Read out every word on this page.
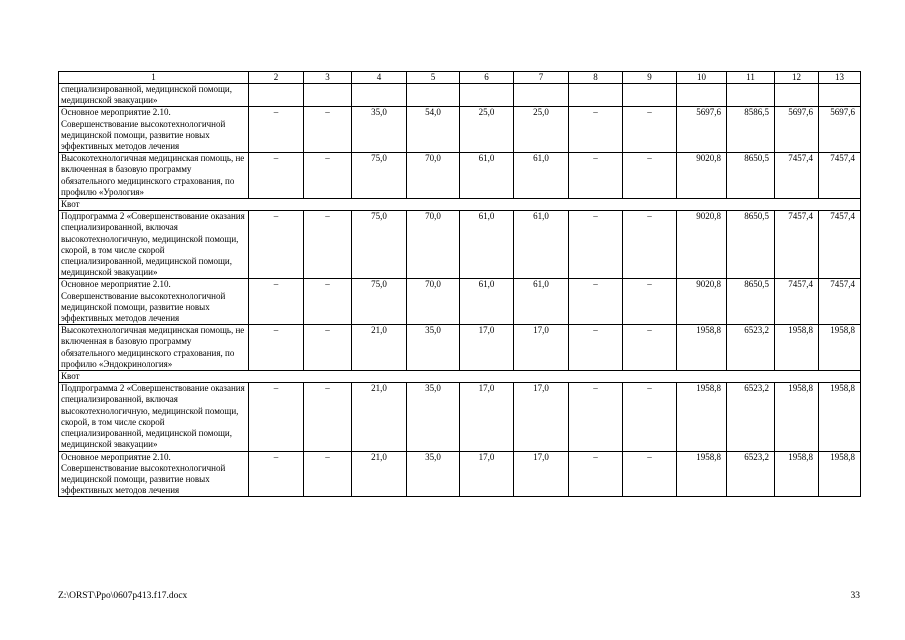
1	2	3	4	5	6	7	8	9	10	11	12	13
специализированной, медицинской помощи, медицинской эвакуации»												
Основное мероприятие 2.10. Совершенствование высокотехнологичной медицинской помощи, развитие новых эффективных методов лечения	–	–	35,0	54,0	25,0	25,0	–	–	5697,6	8586,5	5697,6	5697,6
Высокотехнологичная медицинская помощь, не включенная в базовую программу обязательного медицинского страхования, по профилю «Урология»	–	–	75,0	70,0	61,0	61,0	–	–	9020,8	8650,5	7457,4	7457,4
Квот												
Подпрограмма 2 «Совершенствование оказания специализированной, включая высокотехнологичную, медицинской помощи, скорой, в том числе скорой специализированной, медицинской помощи, медицинской эвакуации»	–	–	75,0	70,0	61,0	61,0	–	–	9020,8	8650,5	7457,4	7457,4
Основное мероприятие 2.10. Совершенствование высокотехнологичной медицинской помощи, развитие новых эффективных методов лечения	–	–	75,0	70,0	61,0	61,0	–	–	9020,8	8650,5	7457,4	7457,4
Высокотехнологичная медицинская помощь, не включенная в базовую программу обязательного медицинского страхования, по профилю «Эндокринология»	–	–	21,0	35,0	17,0	17,0	–	–	1958,8	6523,2	1958,8	1958,8
Квот												
Подпрограмма 2 «Совершенствование оказания специализированной, включая высокотехнологичную, медицинской помощи, скорой, в том числе скорой специализированной, медицинской помощи, медицинской эвакуации»	–	–	21,0	35,0	17,0	17,0	–	–	1958,8	6523,2	1958,8	1958,8
Основное мероприятие 2.10. Совершенствование высокотехнологичной медицинской помощи, развитие новых эффективных методов лечения	–	–	21,0	35,0	17,0	17,0	–	–	1958,8	6523,2	1958,8	1958,8
Z:\ORST\Ppo\0607p413.f17.docx	33
